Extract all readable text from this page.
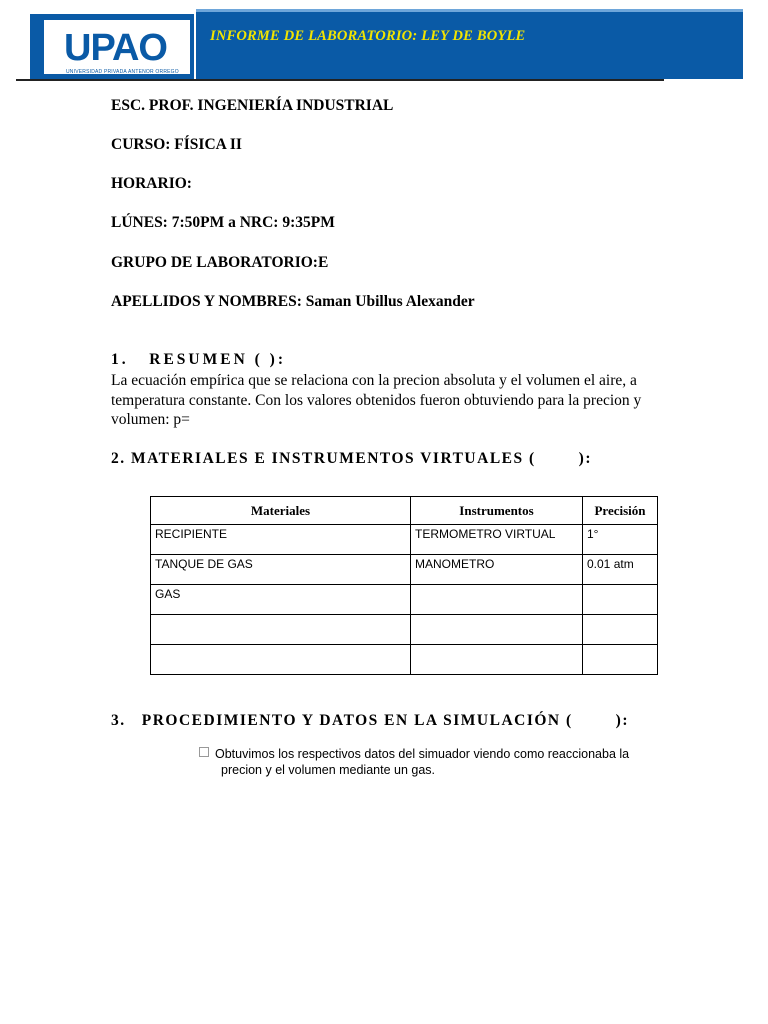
UPAO
UNIVERSIDAD PRIVADA ANTENOR ORREGO
INFORME DE LABORATORIO: LEY DE BOYLE
ESC. PROF. INGENIERÍA INDUSTRIAL
CURSO: FÍSICA II
HORARIO:
LÚNES: 7:50PM a NRC: 9:35PM
GRUPO DE LABORATORIO:E
APELLIDOS Y NOMBRES: Saman Ubillus Alexander
1.   RESUMEN ( ):
La ecuación empírica que se relaciona con la precion absoluta y el volumen el aire, a temperatura constante. Con los valores obtenidos fueron obtuviendo para la precion y volumen: p=
2. MATERIALES E INSTRUMENTOS VIRTUALES (        ):
Materiales	Instrumentos	Precisión
RECIPIENTE	TERMOMETRO VIRTUAL	1°
TANQUE DE GAS	MANOMETRO	0.01 atm
GAS		

3.   PROCEDIMIENTO Y DATOS EN LA SIMULACIÓN (        ):
Obtuvimos los respectivos datos del simuador viendo como reaccionaba la
precion y el volumen mediante un gas.
